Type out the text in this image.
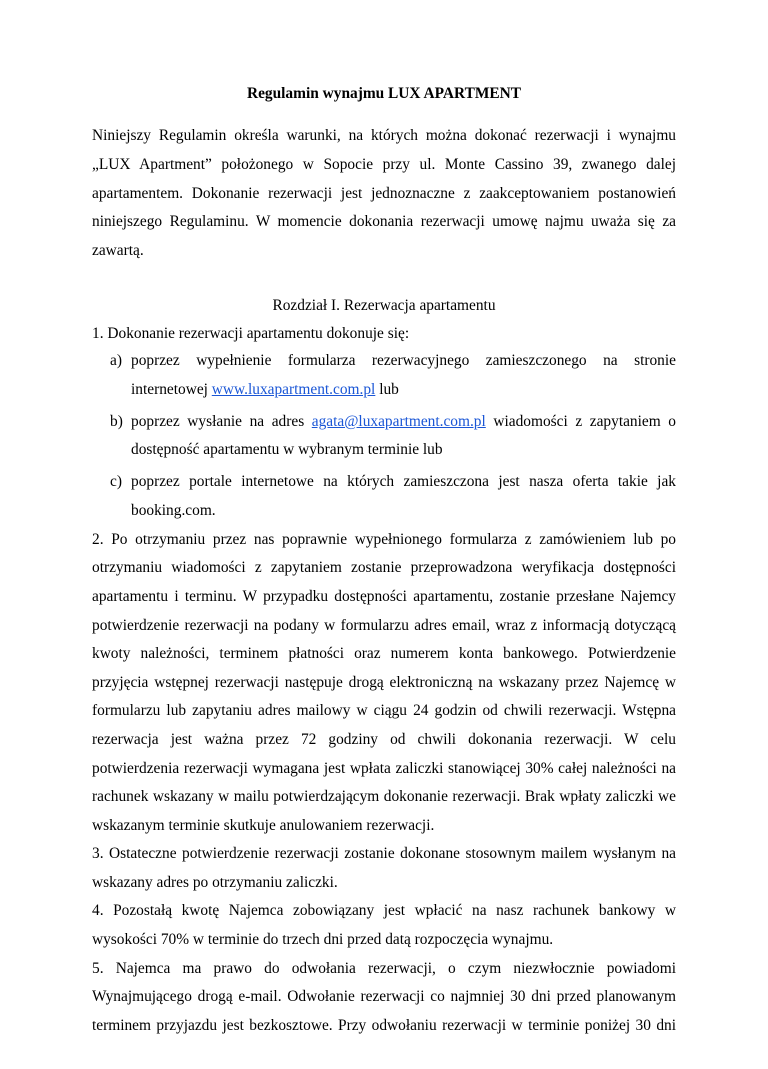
Regulamin wynajmu LUX APARTMENT

Niniejszy Regulamin określa warunki, na których można dokonać rezerwacji i wynajmu „LUX Apartment” położonego w Sopocie przy ul. Monte Cassino 39, zwanego dalej apartamentem. Dokonanie rezerwacji jest jednoznaczne z zaakceptowaniem postanowień niniejszego Regulaminu. W momencie dokonania rezerwacji umowę najmu uważa się za zawartą.

Rozdział I. Rezerwacja apartamentu

1. Dokonanie rezerwacji apartamentu dokonuje się:

a) poprzez wypełnienie formularza rezerwacyjnego zamieszczonego na stronie internetowej www.luxapartment.com.pl lub
b) poprzez wysłanie na adres agata@luxapartment.com.pl wiadomości z zapytaniem o dostępność apartamentu w wybranym terminie lub
c) poprzez portale internetowe na których zamieszczona jest nasza oferta takie jak booking.com.

2. Po otrzymaniu przez nas poprawnie wypełnionego formularza z zamówieniem lub po otrzymaniu wiadomości z zapytaniem zostanie przeprowadzona weryfikacja dostępności apartamentu i terminu. W przypadku dostępności apartamentu, zostanie przesłane Najemcy potwierdzenie rezerwacji na podany w formularzu adres email, wraz z informacją dotyczącą kwoty należności, terminem płatności oraz numerem konta bankowego. Potwierdzenie przyjęcia wstępnej rezerwacji następuje drogą elektroniczną na wskazany przez Najemcę w formularzu lub zapytaniu adres mailowy w ciągu 24 godzin od chwili rezerwacji. Wstępna rezerwacja jest ważna przez 72 godziny od chwili dokonania rezerwacji. W celu potwierdzenia rezerwacji wymagana jest wpłata zaliczki stanowiącej 30% całej należności na rachunek wskazany w mailu potwierdzającym dokonanie rezerwacji. Brak wpłaty zaliczki we wskazanym terminie skutkuje anulowaniem rezerwacji.

3. Ostateczne potwierdzenie rezerwacji zostanie dokonane stosownym mailem wysłanym na wskazany adres po otrzymaniu zaliczki.

4. Pozostałą kwotę Najemca zobowiązany jest wpłacić na nasz rachunek bankowy w wysokości 70% w terminie do trzech dni przed datą rozpoczęcia wynajmu.

5. Najemca ma prawo do odwołania rezerwacji, o czym niezwłocznie powiadomi Wynajmującego drogą e-mail. Odwołanie rezerwacji co najmniej 30 dni przed planowanym terminem przyjazdu jest bezkosztowe. Przy odwołaniu rezerwacji w terminie poniżej 30 dni
